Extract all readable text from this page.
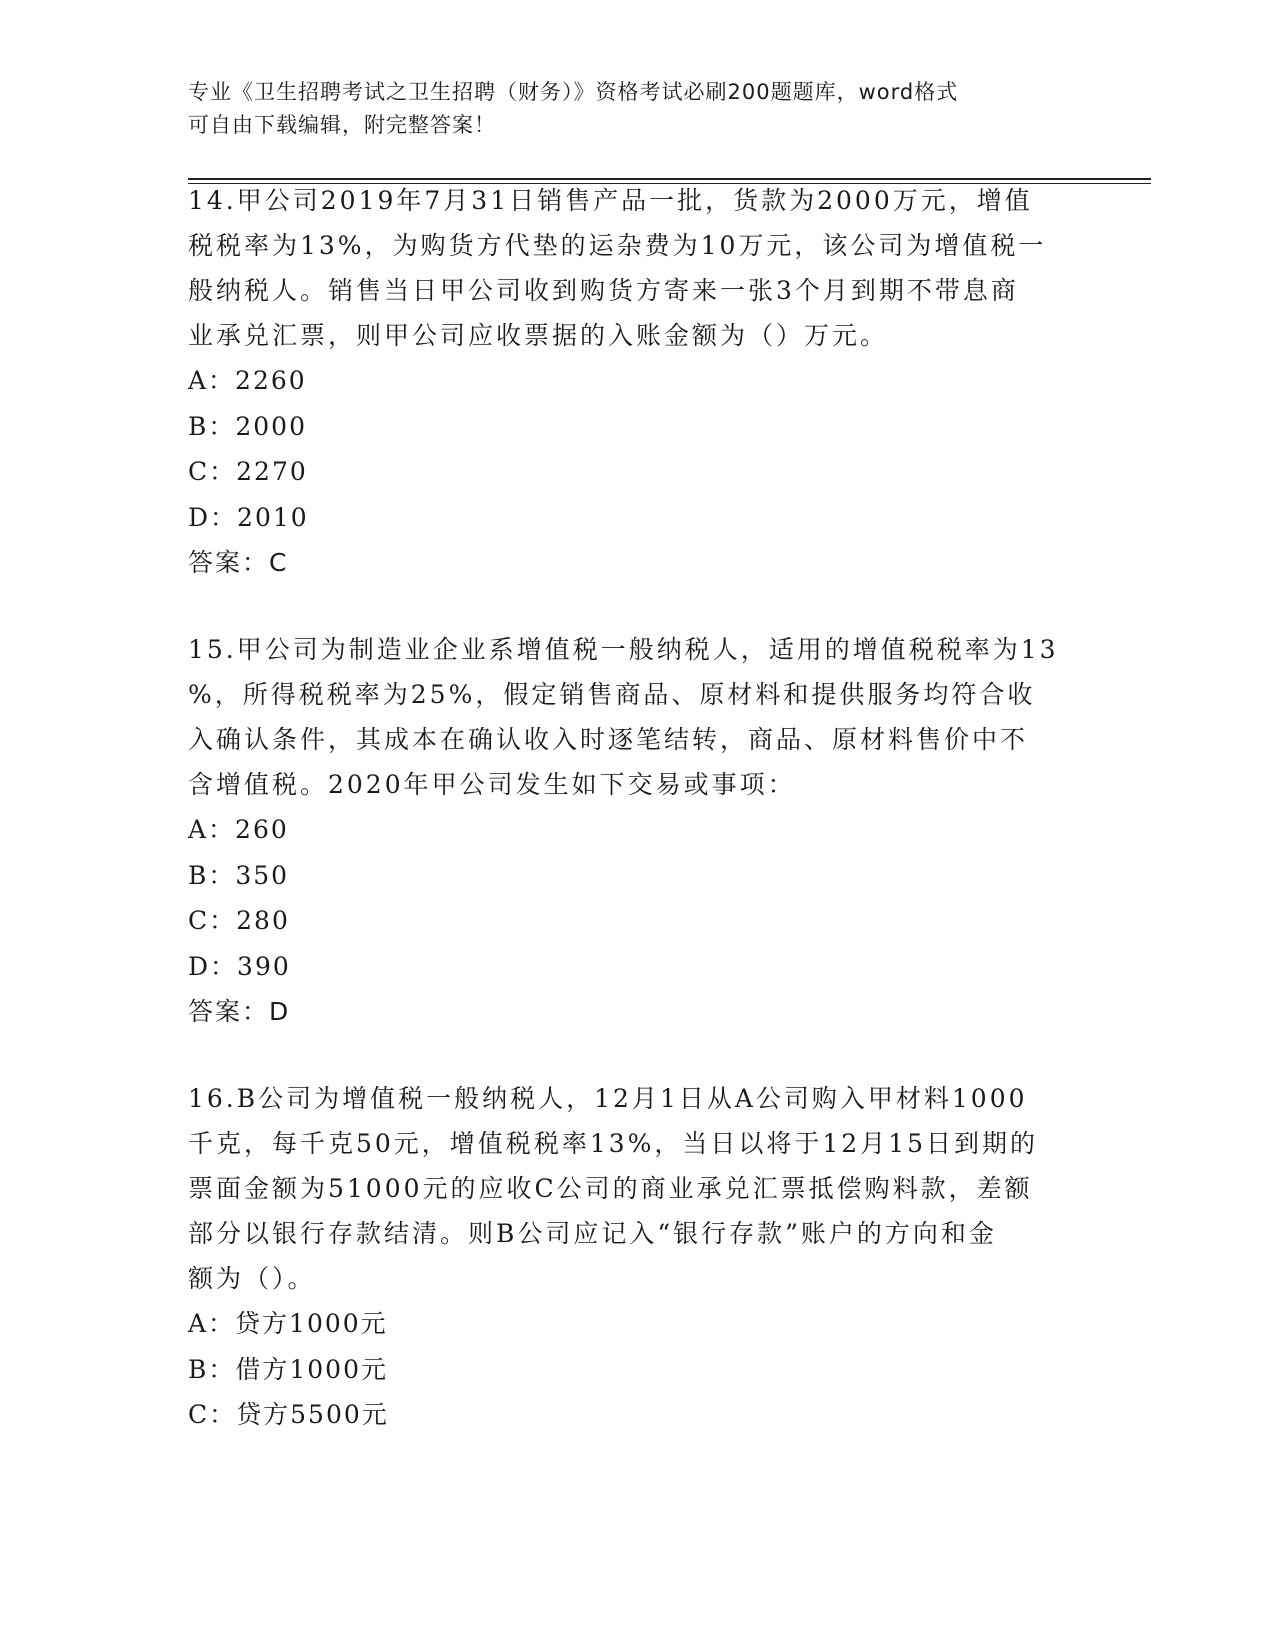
专业《卫生招聘考试之卫生招聘（财务）》资格考试必刷200题题库，word格式
可自由下载编辑，附完整答案！
14.甲公司2019年7月31日销售产品一批，货款为2000万元，增值
税税率为13%，为购货方代垫的运杂费为10万元，该公司为增值税一
般纳税人。销售当日甲公司收到购货方寄来一张3个月到期不带息商
业承兑汇票，则甲公司应收票据的入账金额为（）万元。
A：2260
B：2000
C：2270
D：2010
答案：C
15.甲公司为制造业企业系增值税一般纳税人，适用的增值税税率为13
%，所得税税率为25%，假定销售商品、原材料和提供服务均符合收
入确认条件，其成本在确认收入时逐笔结转，商品、原材料售价中不
含增值税。2020年甲公司发生如下交易或事项：
A：260
B：350
C：280
D：390
答案：D
16.B公司为增值税一般纳税人，12月1日从A公司购入甲材料1000
千克，每千克50元，增值税税率13%，当日以将于12月15日到期的
票面金额为51000元的应收C公司的商业承兑汇票抵偿购料款，差额
部分以银行存款结清。则B公司应记入“银行存款”账户的方向和金
额为（）。
A：贷方1000元
B：借方1000元
C：贷方5500元
